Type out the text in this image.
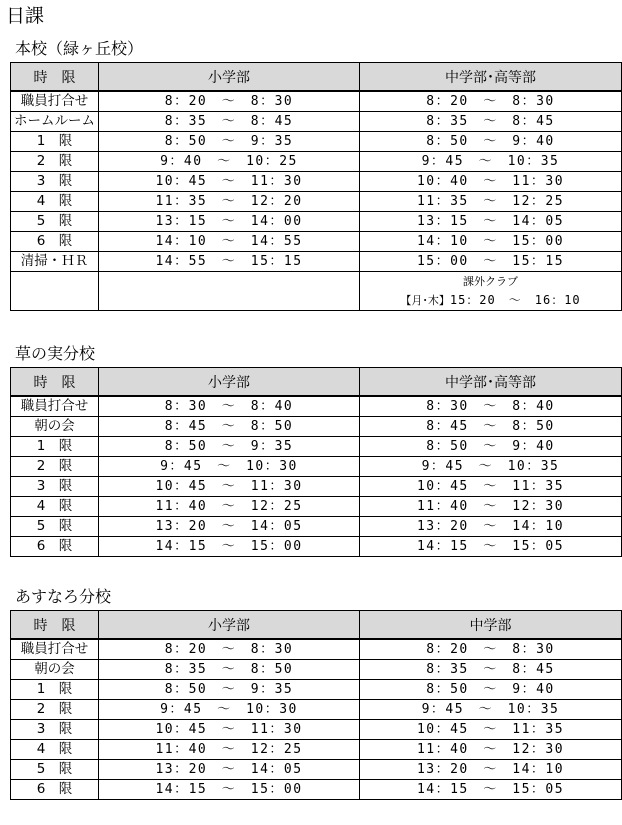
日課
本校（緑ヶ丘校）
時　限	小学部	中学部･高等部
職員打合せ	8：20　～　8：30	8：20　～　8：30
ホームルーム	8：35　～　8：45	8：35　～　8：45
1　限	8：50　～　9：35	8：50　～　9：40
2　限	9：40　～　10：25	9：45　～　10：35
3　限	10：45　～　11：30	10：40　～　11：30
4　限	11：35　～　12：20	11：35　～　12：25
5　限	13：15　～　14：00	13：15　～　14：05
6　限	14：10　～　14：55	14：10　～　15：00
清掃・ＨＲ	14：55　～　15：15	15：00　～　15：15

		課外クラブ
【月･木】15：20　～　16：10
草の実分校
時　限	小学部	中学部･高等部
職員打合せ	8：30　～　8：40	8：30　～　8：40
朝の会	8：45　～　8：50	8：45　～　8：50
1　限	8：50　～　9：35	8：50　～　9：40
2　限	9：45　～　10：30	9：45　～　10：35
3　限	10：45　～　11：30	10：45　～　11：35
4　限	11：40　～　12：25	11：40　～　12：30
5　限	13：20　～　14：05	13：20　～　14：10
6　限	14：15　～　15：00	14：15　～　15：05
あすなろ分校
時　限	小学部	中学部
職員打合せ	8：20　～　8：30	8：20　～　8：30
朝の会	8：35　～　8：50	8：35　～　8：45
1　限	8：50　～　9：35	8：50　～　9：40
2　限	9：45　～　10：30	9：45　～　10：35
3　限	10：45　～　11：30	10：45　～　11：35
4　限	11：40　～　12：25	11：40　～　12：30
5　限	13：20　～　14：05	13：20　～　14：10
6　限	14：15　～　15：00	14：15　～　15：05
